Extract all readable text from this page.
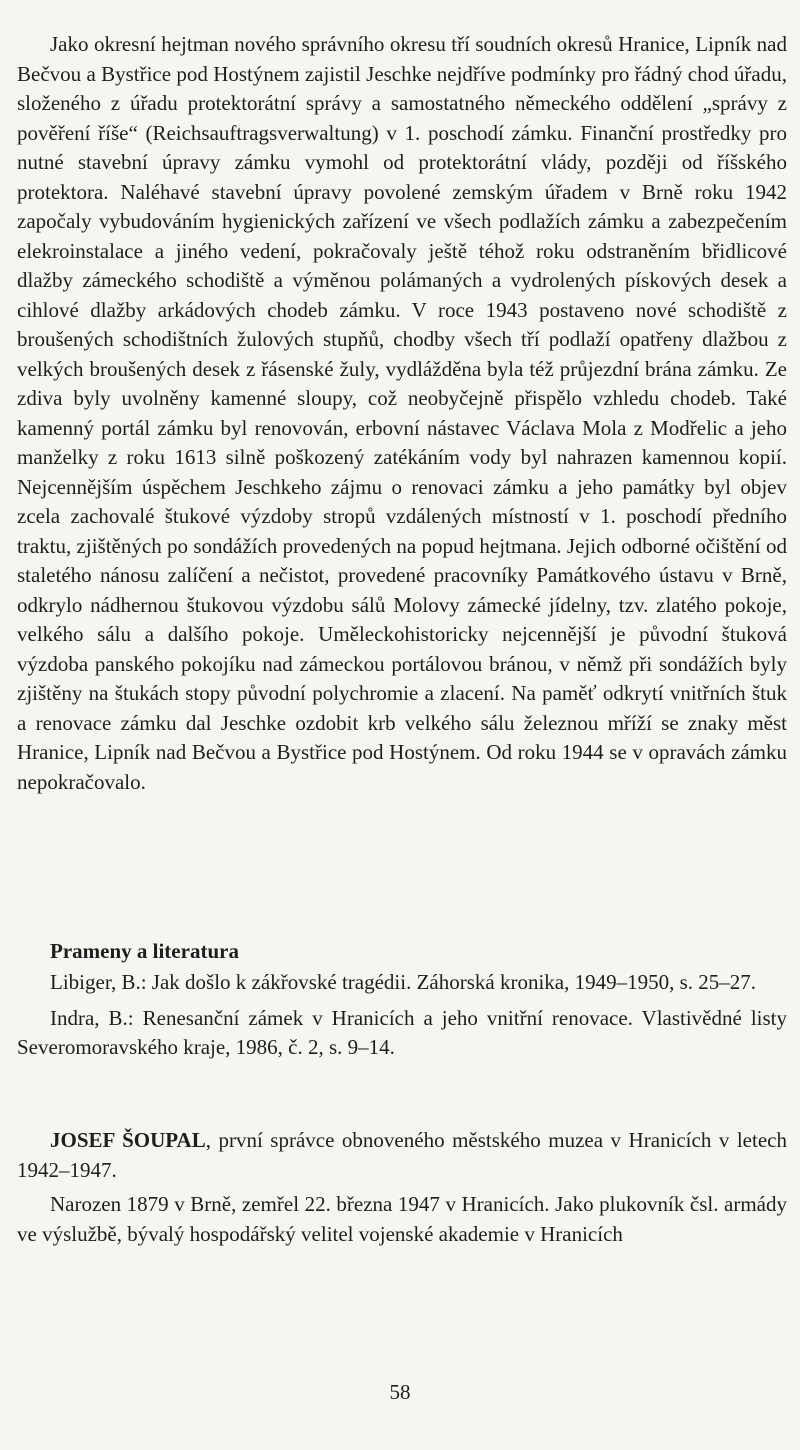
Jako okresní hejtman nového správního okresu tří soudních okresů Hranice, Lipník nad Bečvou a Bystřice pod Hostýnem zajistil Jeschke nejdříve podmínky pro řádný chod úřadu, složeného z úřadu protektorátní správy a samostatného německého oddělení „správy z pověření říše“ (Reichsauftragsverwaltung) v 1. poschodí zámku. Finanční prostředky pro nutné stavební úpravy zámku vymohl od protektorátní vlády, později od říšského protektora. Naléhavé stavební úpravy povolené zemským úřadem v Brně roku 1942 započaly vybudováním hygienických zařízení ve všech podlažích zámku a zabezpečením elekroinstalace a jiného vedení, pokračovaly ještě téhož roku odstraněním břidlicové dlažby zámeckého schodiště a výměnou polámaných a vydrolených pískových desek a cihlové dlažby arkádových chodeb zámku. V roce 1943 postaveno nové schodiště z broušených schodištních žulových stupňů, chodby všech tří podlaží opatřeny dlažbou z velkých broušených desek z řásenské žuly, vydlážděna byla též průjezdní brána zámku. Ze zdiva byly uvolněny kamenné sloupy, což neobyčejně přispělo vzhledu chodeb. Také kamenný portál zámku byl renovován, erbovní nástavec Václava Mola z Modřelic a jeho manželky z roku 1613 silně poškozený zatékáním vody byl nahrazen kamennou kopií. Nejcennějším úspěchem Jeschkeho zájmu o renovaci zámku a jeho památky byl objev zcela zachovalé štukové výzdoby stropů vzdálených místností v 1. poschodí předního traktu, zjištěných po sondážích provedených na popud hejtmana. Jejich odborné očištění od staletého nánosu zalíčení a nečistot, provedené pracovníky Památkového ústavu v Brně, odkrylo nádhernou štukovou výzdobu sálů Molovy zámecké jídelny, tzv. zlatého pokoje, velkého sálu a dalšího pokoje. Uměleckohistoricky nejcennější je původní štuková výzdoba panského pokojíku nad zámeckou portálovou bránou, v němž při sondážích byly zjištěny na štukách stopy původní polychromie a zlacení. Na paměť odkrytí vnitřních štuk a renovace zámku dal Jeschke ozdobit krb velkého sálu železnou mříží se znaky měst Hranice, Lipník nad Bečvou a Bystřice pod Hostýnem. Od roku 1944 se v opravách zámku nepokračovalo.

Prameny a literatura

Libiger, B.: Jak došlo k zákřovské tragédii. Záhorská kronika, 1949–1950, s. 25–27.

Indra, B.: Renesanční zámek v Hranicích a jeho vnitřní renovace. Vlastivědné listy Severomoravského kraje, 1986, č. 2, s. 9–14.

JOSEF ŠOUPAL, první správce obnoveného městského muzea v Hranicích v letech 1942–1947.

Narozen 1879 v Brně, zemřel 22. března 1947 v Hranicích. Jako plukovník čsl. armády ve výslužbě, bývalý hospodářský velitel vojenské akademie v Hranicích

58
